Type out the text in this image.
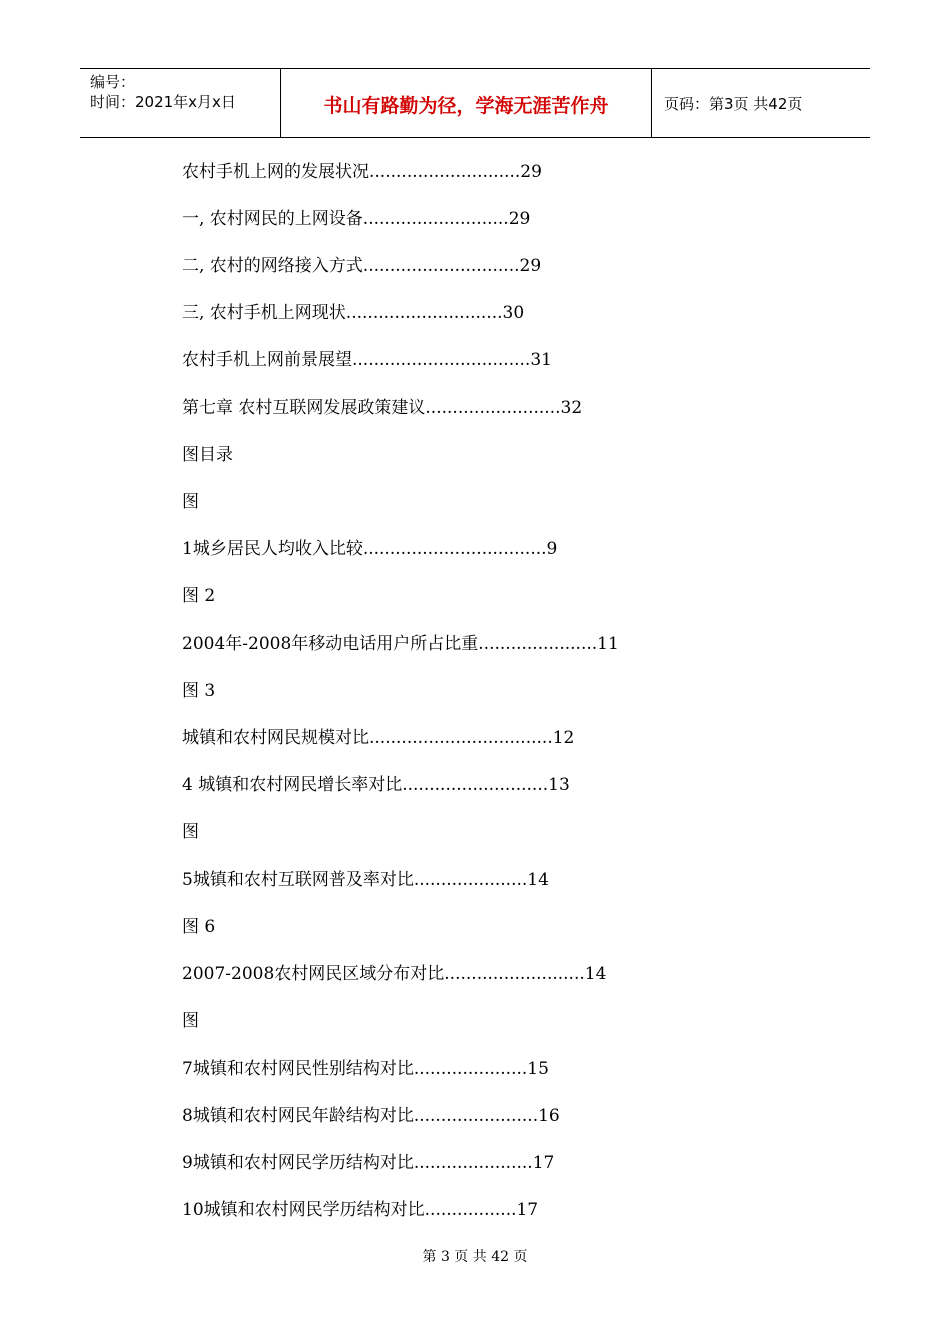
编号：
时间：2021年x月x日	书山有路勤为径，学海无涯苦作舟	页码：第3页 共42页
农村手机上网的发展状况............................29
一, 农村网民的上网设备...........................29
二, 农村的网络接入方式.............................29
三, 农村手机上网现状.............................30
农村手机上网前景展望.................................31
第七章 农村互联网发展政策建议.........................32
图目录
图
1城乡居民人均收入比较..................................9
图 2
2004年-2008年移动电话用户所占比重......................11
图 3
城镇和农村网民规模对比..................................12
4 城镇和农村网民增长率对比...........................13
图
5城镇和农村互联网普及率对比.....................14
图 6
2007-2008农村网民区域分布对比..........................14
图
7城镇和农村网民性别结构对比.....................15
8城镇和农村网民年龄结构对比.......................16
9城镇和农村网民学历结构对比......................17
10城镇和农村网民学历结构对比.................17
第 3 页 共 42 页
